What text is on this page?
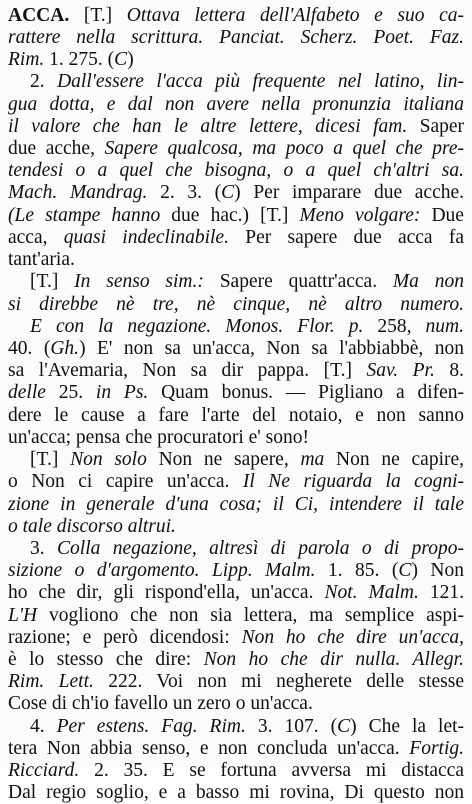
ACCA. [T.] Ottava lettera dell'Alfabeto e suo ca-
rattere nella scrittura. Panciat. Scherz. Poet. Faz.
Rim. 1. 275. (C)
2. Dall'essere l'acca più frequente nel latino, lin-
gua dotta, e dal non avere nella pronunzia italiana
il valore che han le altre lettere, dicesi fam. Saper
due acche, Sapere qualcosa, ma poco a quel che pre-
tendesi o a quel che bisogna, o a quel ch'altri sa.
Mach. Mandrag. 2. 3. (C) Per imparare due acche.
(Le stampe hanno due hac.) [T.] Meno volgare: Due
acca, quasi indeclinabile. Per sapere due acca fa
tant'aria.
[T.] In senso sim.: Sapere quattr'acca. Ma non
si direbbe nè tre, nè cinque, nè altro numero.
E con la negazione. Monos. Flor. p. 258, num.
40. (Gh.) E' non sa un'acca, Non sa l'abbiabbè, non
sa l'Avemaria, Non sa dir pappa. [T.] Sav. Pr. 8.
delle 25. in Ps. Quam bonus. — Pigliano a difen-
dere le cause a fare l'arte del notaio, e non sanno
un'acca; pensa che procuratori e' sono!
[T.] Non solo Non ne sapere, ma Non ne capire,
o Non ci capire un'acca. Il Ne riguarda la cogni-
zione in generale d'una cosa; il Ci, intendere il tale
o tale discorso altrui.
3. Colla negazione, altresì di parola o di propo-
sizione o d'argomento. Lipp. Malm. 1. 85. (C) Non
ho che dir, gli rispond'ella, un'acca. Not. Malm. 121.
L'H vogliono che non sia lettera, ma semplice aspi-
razione; e però dicendosi: Non ho che dire un'acca,
è lo stesso che dire: Non ho che dir nulla. Allegr.
Rim. Lett. 222. Voi non mi negherete delle stesse
Cose di ch'io favello un zero o un'acca.
4. Per estens. Fag. Rim. 3. 107. (C) Che la let-
tera Non abbia senso, e non concluda un'acca. Fortig.
Ricciard. 2. 35. E se fortuna avversa mi distacca
Dal regio soglio, e a basso mi rovina, Di questo non
